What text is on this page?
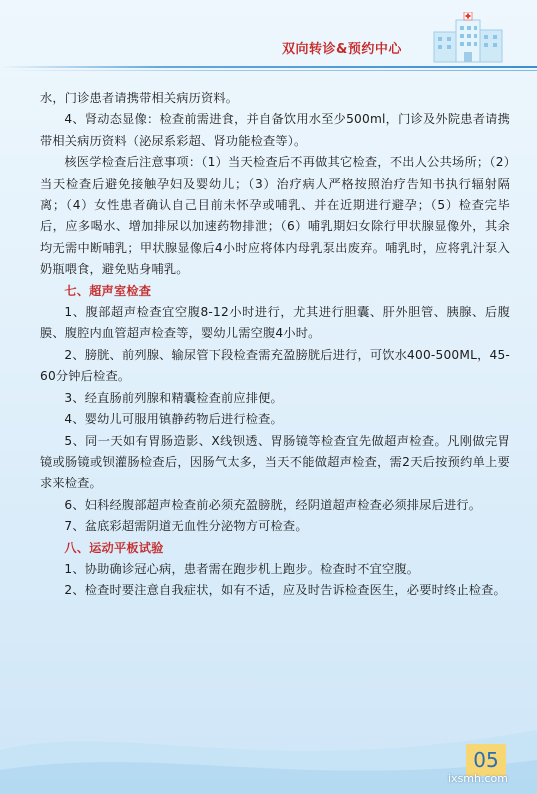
双向转诊&预约中心

水，门诊患者请携带相关病历资料。

4、肾动态显像：检查前需进食，并自备饮用水至少500ml，门诊及外院患者请携带相关病历资料（泌尿系彩超、肾功能检查等）。

核医学检查后注意事项：（1）当天检查后不再做其它检查，不出人公共场所；（2）当天检查后避免接触孕妇及婴幼儿；（3）治疗病人严格按照治疗告知书执行辐射隔离；（4）女性患者确认自己目前未怀孕或哺乳、并在近期进行避孕；（5）检查完毕后，应多喝水、增加排尿以加速药物排泄；（6）哺乳期妇女除行甲状腺显像外，其余均无需中断哺乳；甲状腺显像后4小时应将体内母乳泵出废弃。哺乳时，应将乳汁泵入奶瓶喂食，避免贴身哺乳。

七、超声室检查

1、腹部超声检查宜空腹8-12小时进行，尤其进行胆囊、肝外胆管、胰腺、后腹膜、腹腔内血管超声检查等，婴幼儿需空腹4小时。

2、膀胱、前列腺、输尿管下段检查需充盈膀胱后进行，可饮水400-500ML，45-60分钟后检查。

3、经直肠前列腺和精囊检查前应排便。

4、婴幼儿可服用镇静药物后进行检查。

5、同一天如有胃肠造影、X线钡透、胃肠镜等检查宜先做超声检查。凡刚做完胃镜或肠镜或钡灌肠检查后，因肠气太多，当天不能做超声检查，需2天后按预约单上要求来检查。

6、妇科经腹部超声检查前必须充盈膀胱，经阴道超声检查必须排尿后进行。

7、盆底彩超需阴道无血性分泌物方可检查。

八、运动平板试验

1、协助确诊冠心病，患者需在跑步机上跑步。检查时不宜空腹。

2、检查时要注意自我症状，如有不适，应及时告诉检查医生，必要时终止检查。

05
ixsmh.com
